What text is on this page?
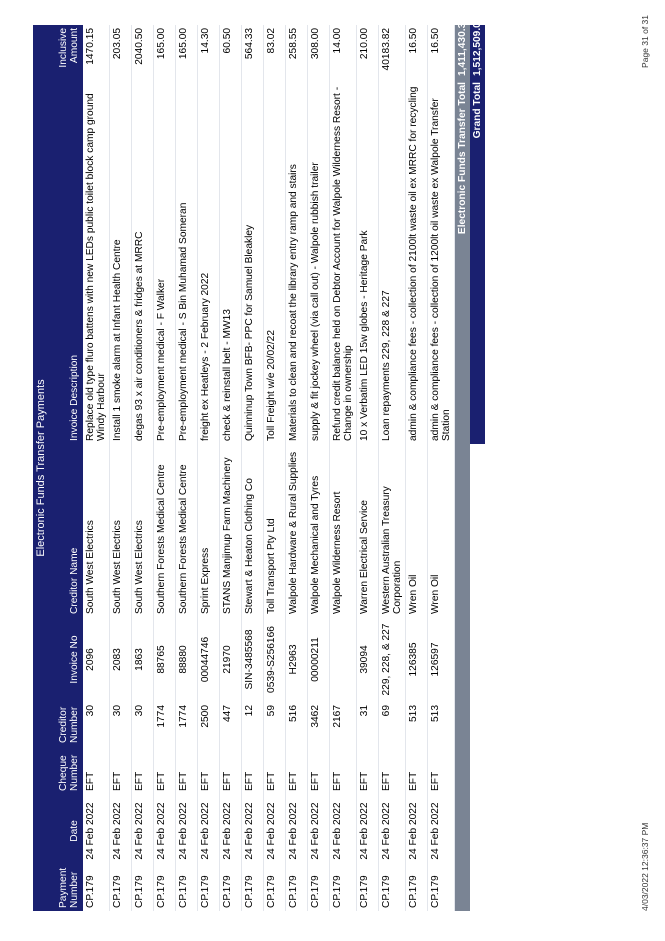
Electronic Funds Transfer Payments							
Payment Number	Date	Cheque Number	Creditor Number	Invoice No	Creditor Name	Invoice Description	Inclusive Amount
CP.179	24 Feb 2022	EFT	30	2096	South West Electrics	Replace old type fluro battens with new LEDs public toilet block camp ground Windy Harbour	1470.15
CP.179	24 Feb 2022	EFT	30	2083	South West Electrics	Install 1 smoke alarm at Infant Health Centre	203.05
CP.179	24 Feb 2022	EFT	30	1863	South West Electrics	degas 93 x air conditioners & fridges at MRRC	2040.50
CP.179	24 Feb 2022	EFT	1774	88765	Southern Forests Medical Centre	Pre-employment medical - F Walker	165.00
CP.179	24 Feb 2022	EFT	1774	88880	Southern Forests Medical Centre	Pre-employment medical - S Bin Muhamad Someran	165.00
CP.179	24 Feb 2022	EFT	2500	00044746	Sprint Express	freight ex Heatleys - 2 February 2022	14.30
CP.179	24 Feb 2022	EFT	447	21970	STANS Manjimup Farm Machinery	check & reinstall belt - MW13	60.50
CP.179	24 Feb 2022	EFT	12	SIN-3485568	Stewart & Heaton Clothing Co	Quinninup Town BFB- PPC for Samuel Bleakley	564.33
CP.179	24 Feb 2022	EFT	59	0539-S256166	Toll Transport Pty Ltd	Toll Freight w/e 20/02/22	83.02
CP.179	24 Feb 2022	EFT	516	H2963	Walpole Hardware & Rural Supplies	Materials to clean and recoat the library entry ramp and stairs	258.55
CP.179	24 Feb 2022	EFT	3462	00000211	Walpole Mechanical and Tyres	supply & fit jockey wheel (via call out) - Walpole rubbish trailer	308.00
CP.179	24 Feb 2022	EFT	2167		Walpole Wilderness Resort	Refund credit balance held on Debtor Account for Walpole Wilderness Resort - Change in ownership	14.00
CP.179	24 Feb 2022	EFT	31	39094	Warren Electrical Service	10 x Verbatim LED 15w globes - Heritage Park	210.00
CP.179	24 Feb 2022	EFT	69	229, 228, & 227	Western Australian Treasury Corporation	Loan repayments 229, 228 & 227	40183.82
CP.179	24 Feb 2022	EFT	513	126385	Wren Oil	admin & compliance fees - collection of 2100lt waste oil ex MRRC for recycling	16.50
CP.179	24 Feb 2022	EFT	513	126597	Wren Oil	admin & compliance fees - collection of 1200lt oil waste ex Walpole Transfer Station	16.50
						Electronic Funds Transfer Total	1,411,430.31
						Grand Total	1,512,509.01
4/03/2022 12:36:37 PM
Page 31 of 31
